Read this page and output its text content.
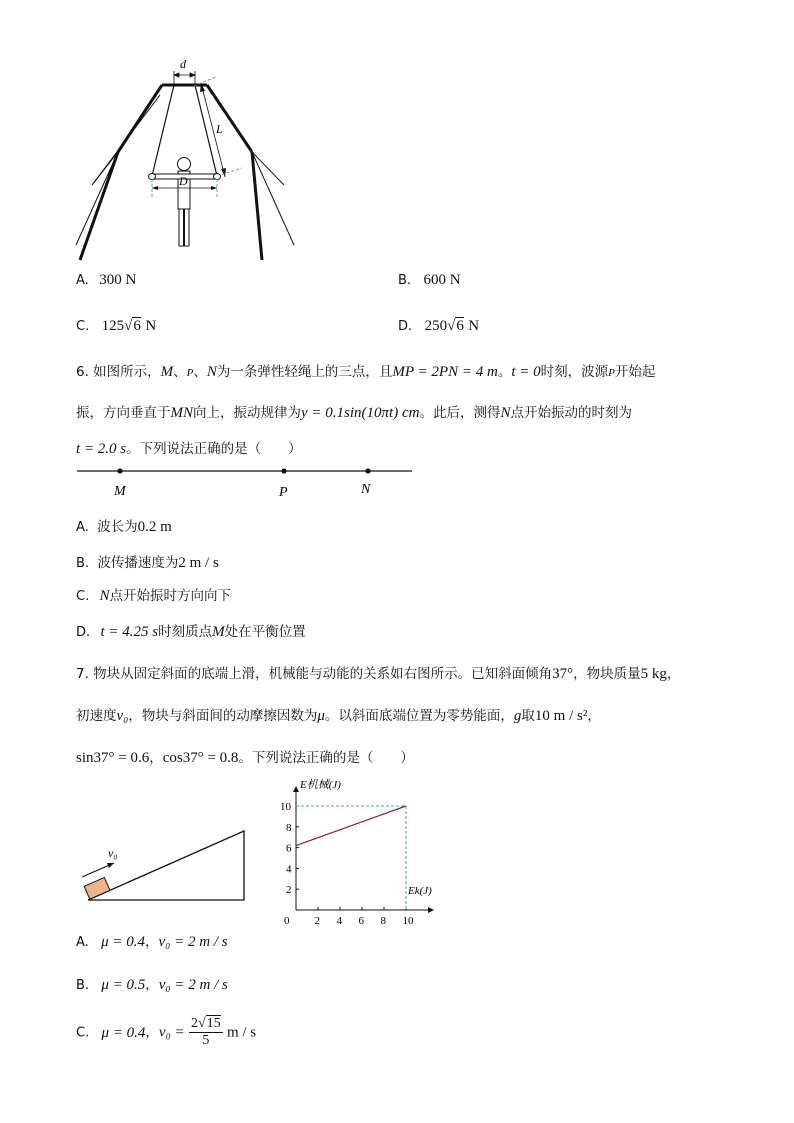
d
L
D
A. 300 N	B. 600 N
C. 125√6 N	D. 250√6 N
6. 如图所示，M、P、N为一条弹性轻绳上的三点，且MP = 2PN = 4 m。t = 0时刻，波源P开始起
振，方向垂直于MN向上，振动规律为y = 0.1sin(10πt) cm。此后，测得N点开始振动的时刻为
t = 2.0 s。下列说法正确的是（　　）
M	P	N
A. 波长为0.2 m
B. 波传播速度为2 m / s
C. N点开始振时方向向下
D. t = 4.25 s时刻质点M处在平衡位置
7. 物块从固定斜面的底端上滑，机械能与动能的关系如右图所示。已知斜面倾角37°，物块质量5 kg，
初速度v₀，物块与斜面间的动摩擦因数为μ。以斜面底端位置为零势能面，g取10 m / s²，
sin37° = 0.6，cos37° = 0.8。下列说法正确的是（　　）
v₀
0 2 4 6 8 10
2
4
6
8
10
E机械(J)
Ek(J)
A. μ = 0.4，v₀ = 2 m / s
B. μ = 0.5，v₀ = 2 m / s
C. μ = 0.4，$v_0 = \frac{2√15}{5}$ m / s
